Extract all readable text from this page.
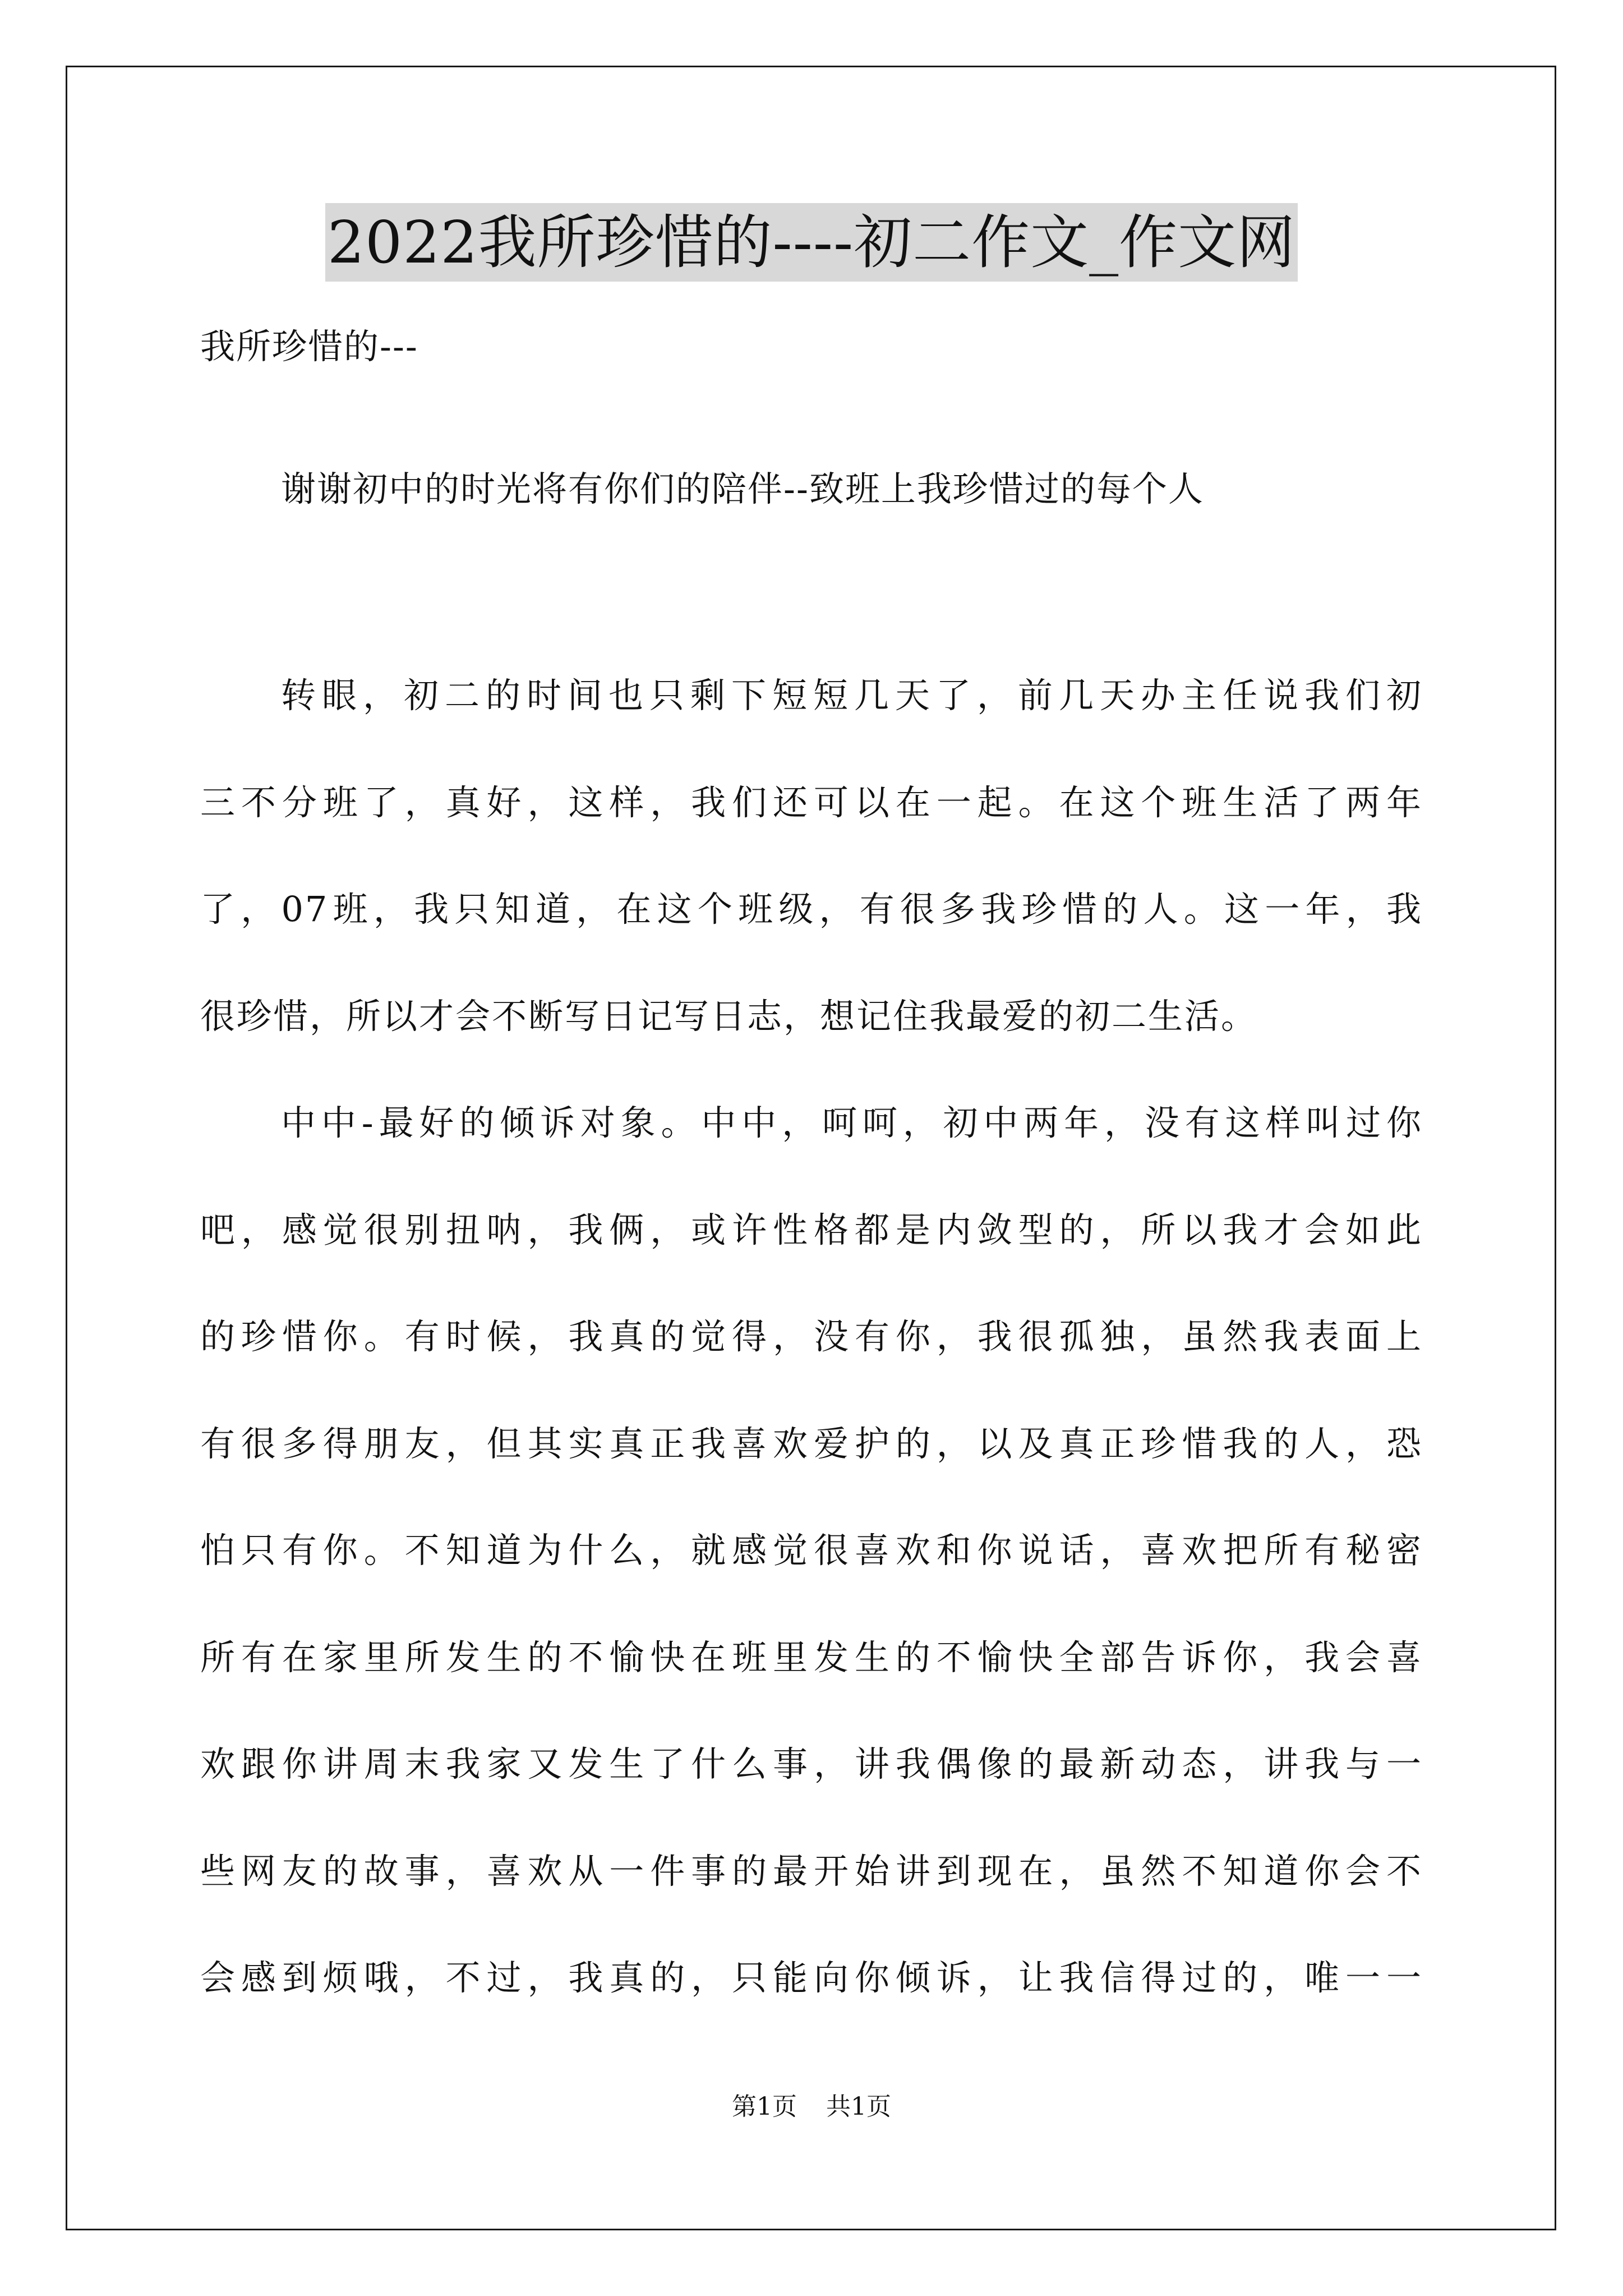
2022我所珍惜的----初二作文_作文网
我所珍惜的---
谢谢初中的时光将有你们的陪伴--致班上我珍惜过的每个人
转眼，初二的时间也只剩下短短几天了，前几天办主任说我们初
三不分班了，真好，这样，我们还可以在一起。在这个班生活了两年
了，07班，我只知道，在这个班级，有很多我珍惜的人。这一年，我
很珍惜，所以才会不断写日记写日志，想记住我最爱的初二生活。
中中-最好的倾诉对象。中中，呵呵，初中两年，没有这样叫过你
吧，感觉很别扭呐，我俩，或许性格都是内敛型的，所以我才会如此
的珍惜你。有时候，我真的觉得，没有你，我很孤独，虽然我表面上
有很多得朋友，但其实真正我喜欢爱护的，以及真正珍惜我的人，恐
怕只有你。不知道为什么，就感觉很喜欢和你说话，喜欢把所有秘密
所有在家里所发生的不愉快在班里发生的不愉快全部告诉你，我会喜
欢跟你讲周末我家又发生了什么事，讲我偶像的最新动态，讲我与一
些网友的故事，喜欢从一件事的最开始讲到现在，虽然不知道你会不
会感到烦哦，不过，我真的，只能向你倾诉，让我信得过的，唯一一
第1页 共1页
